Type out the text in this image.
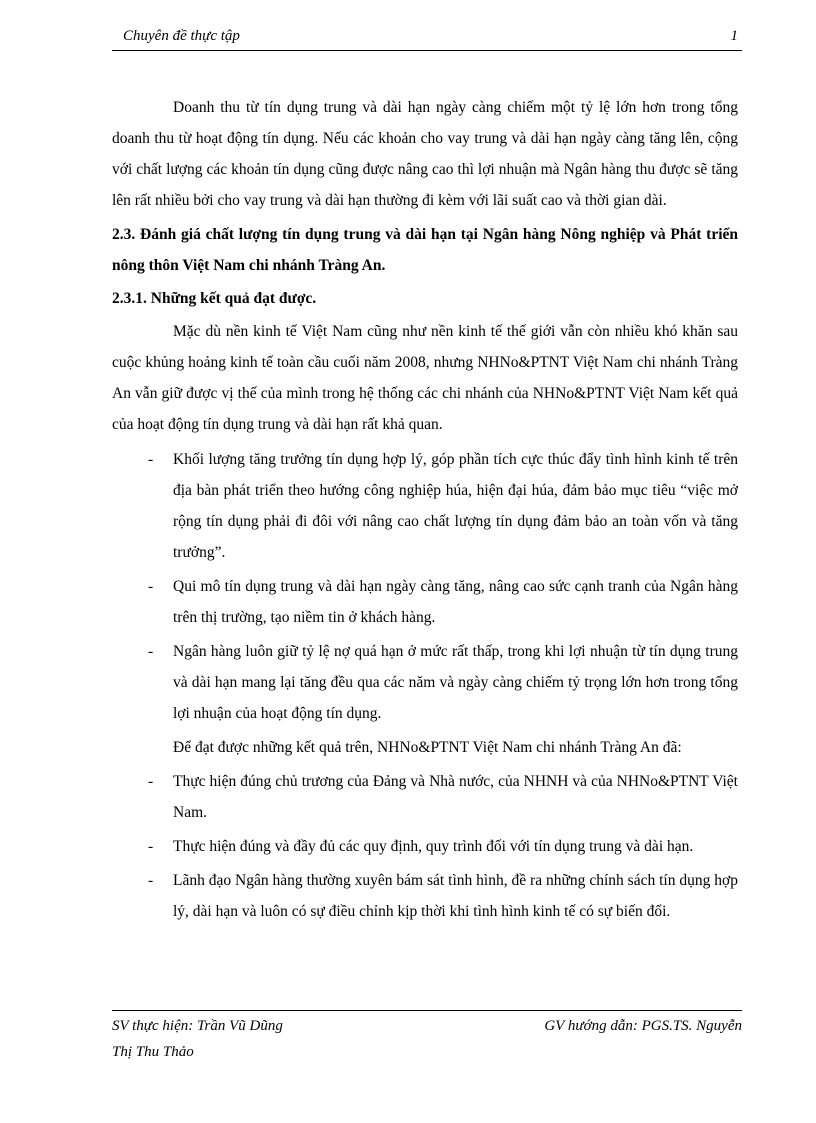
Chuyên đề thực tập	1

Doanh thu từ tín dụng trung và dài hạn ngày càng chiếm một tỷ lệ lớn hơn trong tổng doanh thu từ hoạt động tín dụng. Nếu các khoản cho vay trung và dài hạn ngày càng tăng lên, cộng với chất lượng các khoản tín dụng cũng được nâng cao thì lợi nhuận mà Ngân hàng thu được sẽ tăng lên rất nhiều bởi cho vay trung và dài hạn thường đi kèm với lãi suất cao và thời gian dài.

2.3. Đánh giá chất lượng tín dụng trung và dài hạn tại Ngân hàng Nông nghiệp và Phát triển nông thôn Việt Nam chi nhánh Tràng An.

2.3.1. Những kết quả đạt được.

Mặc dù nền kinh tế Việt Nam cũng như nền kinh tế thế giới vẫn còn nhiều khó khăn sau cuộc khủng hoảng kinh tế toàn cầu cuối năm 2008, nhưng NHNo&PTNT Việt Nam chi nhánh Tràng An vẫn giữ được vị thế của mình trong hệ thống các chi nhánh của NHNo&PTNT Việt Nam kết quả của hoạt động tín dụng trung và dài hạn rất khả quan.

- Khối lượng tăng trưởng tín dụng hợp lý, góp phần tích cực thúc đẩy tình hình kinh tế trên địa bàn phát triển theo hướng công nghiệp húa, hiện đại húa, đảm bảo mục tiêu “việc mở rộng tín dụng phải đi đôi với nâng cao chất lượng tín dụng đảm bảo an toàn vốn và tăng trưởng”.
- Qui mô tín dụng trung và dài hạn ngày càng tăng, nâng cao sức cạnh tranh của Ngân hàng trên thị trường, tạo niềm tin ở khách hàng.
- Ngân hàng luôn giữ tỷ lệ nợ quá hạn ở mức rất thấp, trong khi lợi nhuận từ tín dụng trung và dài hạn mang lại tăng đều qua các năm và ngày càng chiếm tỷ trọng lớn hơn trong tổng lợi nhuận của hoạt động tín dụng.

Để đạt được những kết quả trên, NHNo&PTNT Việt Nam chi nhánh Tràng An đã:

- Thực hiện đúng chủ trương của Đảng và Nhà nước, của NHNH và của NHNo&PTNT Việt Nam.
- Thực hiện đúng và đầy đủ các quy định, quy trình đối với tín dụng trung và dài hạn.
- Lãnh đạo Ngân hàng thường xuyên bám sát tình hình, đề ra những chính sách tín dụng hợp lý, dài hạn và luôn có sự điều chỉnh kịp thời khi tình hình kinh tế có sự biến đổi.
SV thực hiện: Trần Vũ Dũng	GV hướng dẫn: PGS.TS. Nguyễn
Thị Thu Thảo
